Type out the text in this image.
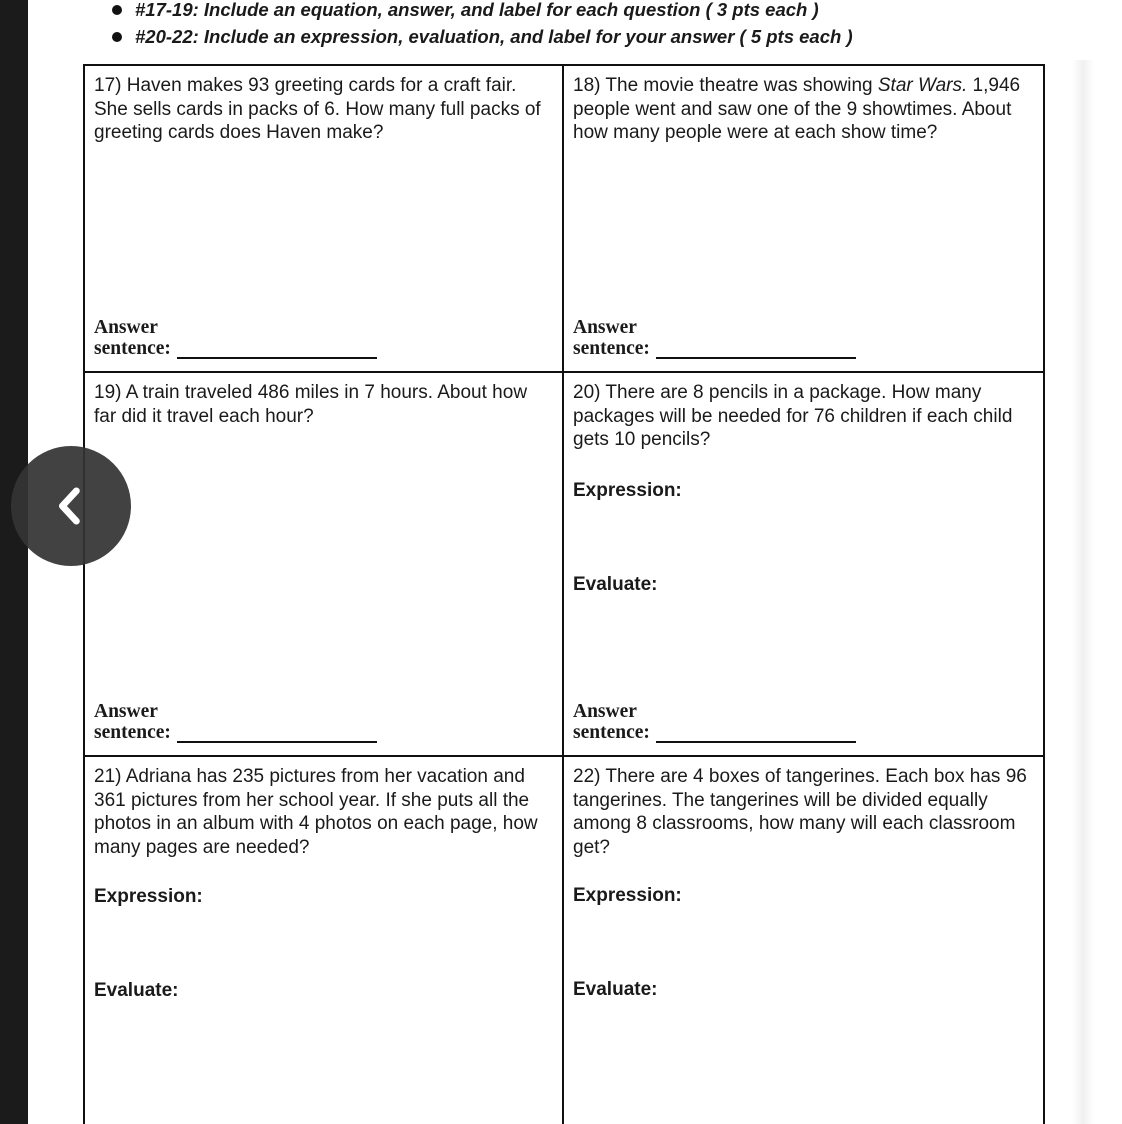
#17-19: Include an equation, answer, and label for each question ( 3 pts each )
#20-22: Include an expression, evaluation, and label for your answer ( 5 pts each )

17) Haven makes 93 greeting cards for a craft fair. She sells cards in packs of 6. How many full packs of greeting cards does Haven make?

Answer
sentence:

18) The movie theatre was showing Star Wars. 1,946 people went and saw one of the 9 showtimes. About how many people were at each show time?

Answer
sentence:

19) A train traveled 486 miles in 7 hours. About how far did it travel each hour?

Answer
sentence:

20) There are 8 pencils in a package. How many packages will be needed for 76 children if each child gets 10 pencils?

Expression:
Evaluate:
Answer
sentence:

21) Adriana has 235 pictures from her vacation and 361 pictures from her school year. If she puts all the photos in an album with 4 photos on each page, how many pages are needed?

Expression:
Evaluate:

22) There are 4 boxes of tangerines. Each box has 96 tangerines. The tangerines will be divided equally among 8 classrooms, how many will each classroom get?

Expression:
Evaluate:
